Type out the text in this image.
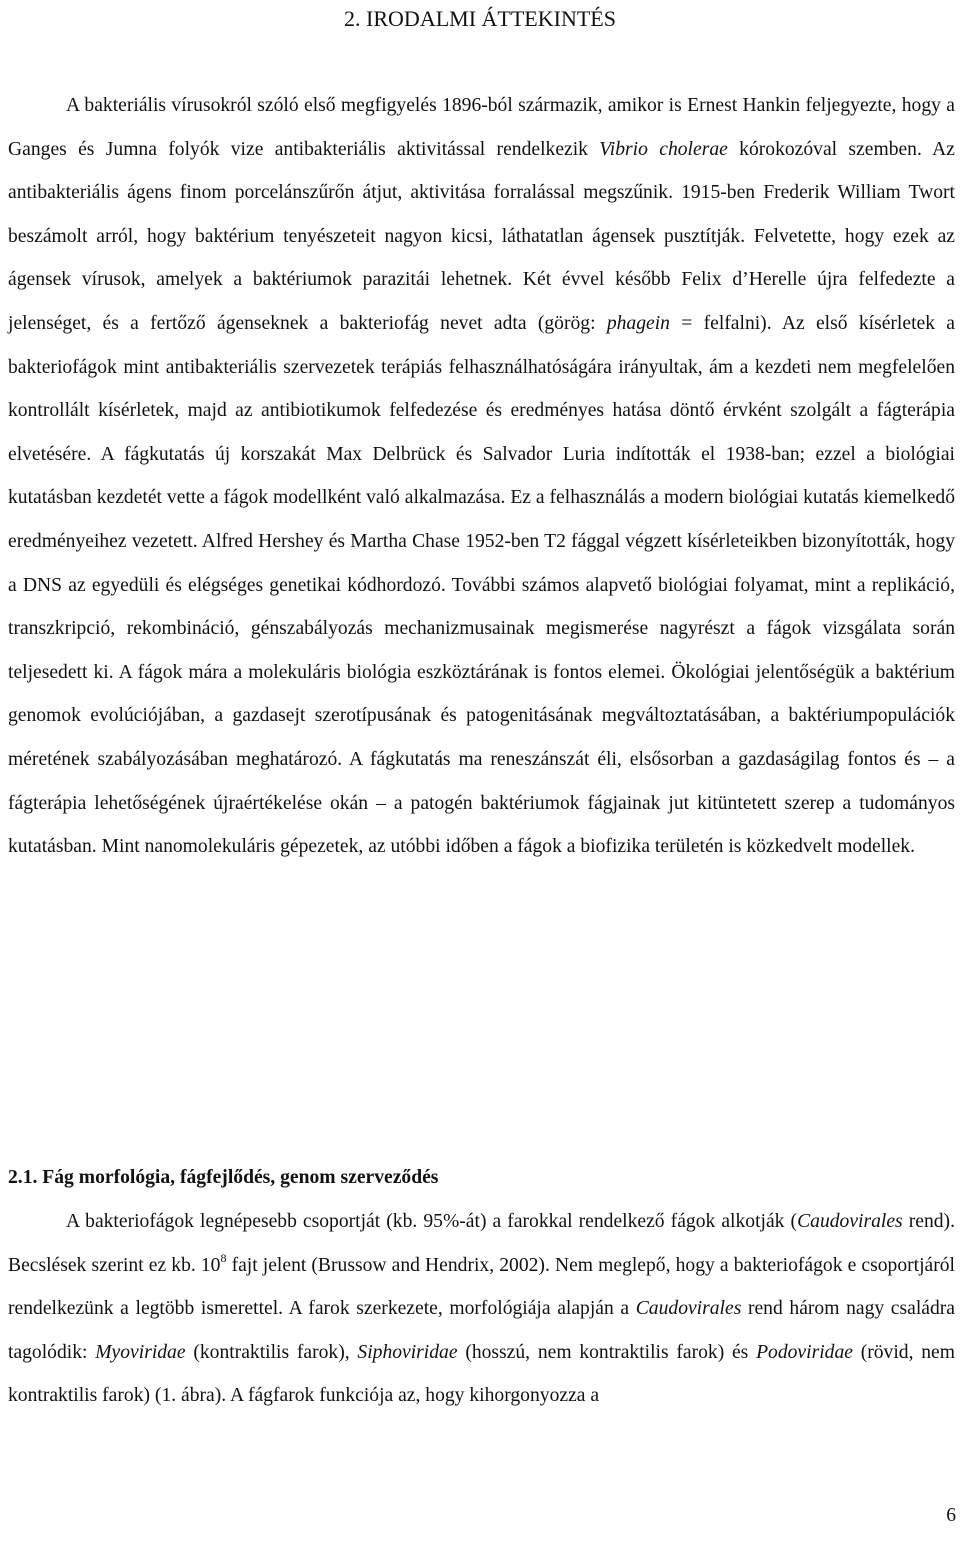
2. IRODALMI ÁTTEKINTÉS

A bakteriális vírusokról szóló első megfigyelés 1896-ból származik, amikor is Ernest Hankin feljegyezte, hogy a Ganges és Jumna folyók vize antibakteriális aktivitással rendelkezik Vibrio cholerae kórokozóval szemben. Az antibakteriális ágens finom porcelánszűrőn átjut, aktivitása forralással megszűnik. 1915-ben Frederik William Twort beszámolt arról, hogy baktérium tenyészeteit nagyon kicsi, láthatatlan ágensek pusztítják. Felvetette, hogy ezek az ágensek vírusok, amelyek a baktériumok parazitái lehetnek. Két évvel később Felix d’Herelle újra felfedezte a jelenséget, és a fertőző ágenseknek a bakteriofág nevet adta (görög: phagein = felfalni). Az első kísérletek a bakteriofágok mint antibakteriális szervezetek terápiás felhasználhatóságára irányultak, ám a kezdeti nem megfelelően kontrollált kísérletek, majd az antibiotikumok felfedezése és eredményes hatása döntő érvként szolgált a fágterápia elvetésére. A fágkutatás új korszakát Max Delbrück és Salvador Luria indították el 1938-ban; ezzel a biológiai kutatásban kezdetét vette a fágok modellként való alkalmazása. Ez a felhasználás a modern biológiai kutatás kiemelkedő eredményeihez vezetett. Alfred Hershey és Martha Chase 1952-ben T2 fággal végzett kísérleteikben bizonyították, hogy a DNS az egyedüli és elégséges genetikai kódhordozó. További számos alapvető biológiai folyamat, mint a replikáció, transzkripció, rekombináció, génszabályozás mechanizmusainak megismerése nagyrészt a fágok vizsgálata során teljesedett ki. A fágok mára a molekuláris biológia eszköztárának is fontos elemei. Ökológiai jelentőségük a baktérium genomok evolúciójában, a gazdasejt szerotípusának és patogenitásának megváltoztatásában, a baktériumpopulációk méretének szabályozásában meghatározó. A fágkutatás ma reneszánszát éli, elsősorban a gazdaságilag fontos és – a fágterápia lehetőségének újraértékelése okán – a patogén baktériumok fágjainak jut kitüntetett szerep a tudományos kutatásban. Mint nanomolekuláris gépezetek, az utóbbi időben a fágok a biofizika területén is közkedvelt modellek.

2.1. Fág morfológia, fágfejlődés, genom szerveződés

A bakteriofágok legnépesebb csoportját (kb. 95%-át) a farokkal rendelkező fágok alkotják (Caudovirales rend). Becslések szerint ez kb. $10^8$ fajt jelent (Brussow and Hendrix, 2002). Nem meglepő, hogy a bakteriofágok e csoportjáról rendelkezünk a legtöbb ismerettel. A farok szerkezete, morfológiája alapján a Caudovirales rend három nagy családra tagolódik: Myoviridae (kontraktilis farok), Siphoviridae (hosszú, nem kontraktilis farok) és Podoviridae (rövid, nem kontraktilis farok) (1. ábra). A fágfarok funkciója az, hogy kihorgonyozza a

6
